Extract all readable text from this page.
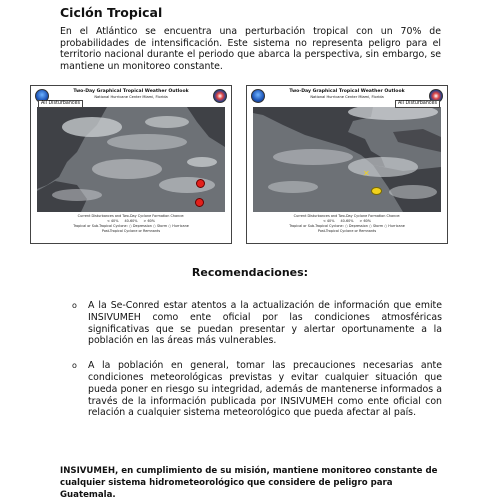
Ciclón Tropical

En el Atlántico se encuentra una perturbación tropical con un 70% de probabilidades de intensificación. Este sistema no representa peligro para el territorio nacional durante el periodo que abarca la perspectiva, sin embargo, se mantiene un monitoreo constante.

Two-Day Graphical Tropical Weather Outlook
National Hurricane Center Miami, Florida
All Disturbances
Current Disturbances and Two-Day Cyclone Formation Chance:
< 40% 40-60% > 60%
Tropical or Sub-Tropical Cyclone: ○ Depression ○ Storm ○ Hurricane
Post-Tropical Cyclone or Remnants
Two-Day Graphical Tropical Weather Outlook
National Hurricane Center Miami, Florida
All Disturbances
✕
Current Disturbances and Two-Day Cyclone Formation Chance:
< 40% 40-60% > 60%
Tropical or Sub-Tropical Cyclone: ○ Depression ○ Storm ○ Hurricane
Post-Tropical Cyclone or Remnants
Recomendaciones:
o A la Se-Conred estar atentos a la actualización de información que emite INSIVUMEH como ente oficial por las condiciones atmosféricas significativas que se puedan presentar y alertar oportunamente a la población en las áreas más vulnerables.
o A la población en general, tomar las precauciones necesarias ante condiciones meteorológicas previstas y evitar cualquier situación que pueda poner en riesgo su integridad, además de mantenerse informados a través de la información publicada por INSIVUMEH como ente oficial con relación a cualquier sistema meteorológico que pueda afectar al país.

INSIVUMEH, en cumplimiento de su misión, mantiene monitoreo constante de cualquier sistema hidrometeorológico que considere de peligro para Guatemala.
